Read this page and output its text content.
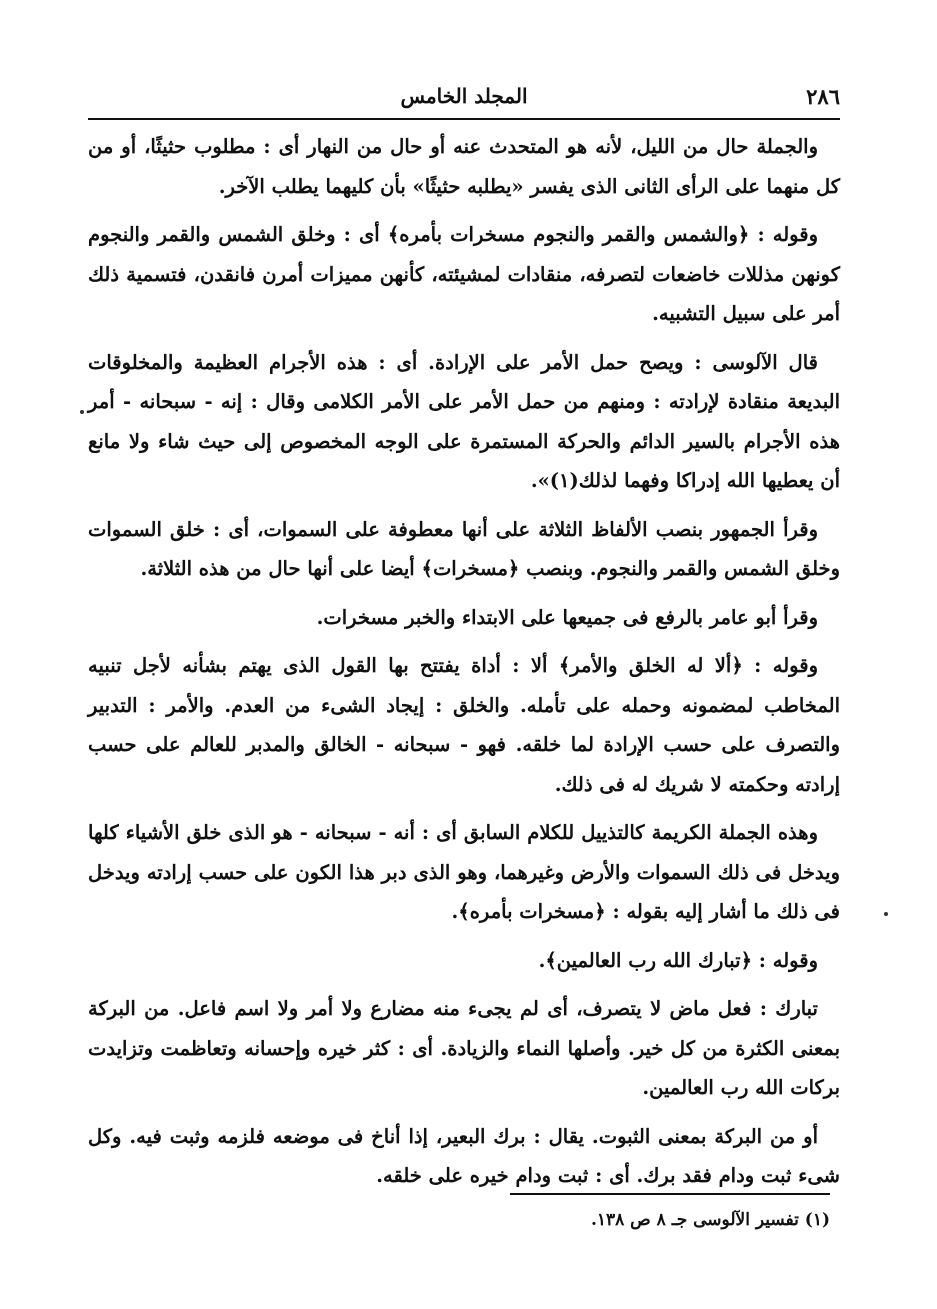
٢٨٦
المجلد الخامس

والجملة حال من الليل، لأنه هو المتحدث عنه أو حال من النهار أى : مطلوب حثيثًا، أو من كل منهما على الرأى الثانى الذى يفسر «يطلبه حثيثًا» بأن كليهما يطلب الآخر.

وقوله : ﴿والشمس والقمر والنجوم مسخرات بأمره﴾ أى : وخلق الشمس والقمر والنجوم كونهن مذللات خاضعات لتصرفه، منقادات لمشيئته، كأنهن مميزات أمرن فانقدن، فتسمية ذلك أمر على سبيل التشبيه.

قال الآلوسى : ويصح حمل الأمر على الإرادة. أى : هذه الأجرام العظيمة والمخلوقات البديعة منقادة لإرادته : ومنهم من حمل الأمر على الأمر الكلامى وقال : إنه - سبحانه - أمر هذه الأجرام بالسير الدائم والحركة المستمرة على الوجه المخصوص إلى حيث شاء ولا مانع أن يعطيها الله إدراكا وفهما لذلك(١)».

وقرأ الجمهور بنصب الألفاظ الثلاثة على أنها معطوفة على السموات، أى : خلق السموات وخلق الشمس والقمر والنجوم. وبنصب ﴿مسخرات﴾ أيضا على أنها حال من هذه الثلاثة.

وقرأ أبو عامر بالرفع فى جميعها على الابتداء والخبر مسخرات.

وقوله : ﴿ألا له الخلق والأمر﴾ ألا : أداة يفتتح بها القول الذى يهتم بشأنه لأجل تنبيه المخاطب لمضمونه وحمله على تأمله. والخلق : إيجاد الشىء من العدم. والأمر : التدبير والتصرف على حسب الإرادة لما خلقه. فهو - سبحانه - الخالق والمدبر للعالم على حسب إرادته وحكمته لا شريك له فى ذلك.

وهذه الجملة الكريمة كالتذييل للكلام السابق أى : أنه - سبحانه - هو الذى خلق الأشياء كلها ويدخل فى ذلك السموات والأرض وغيرهما، وهو الذى دبر هذا الكون على حسب إرادته ويدخل فى ذلك ما أشار إليه بقوله : ﴿مسخرات بأمره﴾.

وقوله : ﴿تبارك الله رب العالمين﴾.

تبارك : فعل ماض لا يتصرف، أى لم يجىء منه مضارع ولا أمر ولا اسم فاعل. من البركة بمعنى الكثرة من كل خير. وأصلها النماء والزيادة. أى : كثر خيره وإحسانه وتعاظمت وتزايدت بركات الله رب العالمين.

أو من البركة بمعنى الثبوت. يقال : برك البعير، إذا أناخ فى موضعه فلزمه وثبت فيه. وكل شىء ثبت ودام فقد برك. أى : ثبت ودام خيره على خلقه.

(١) تفسير الآلوسى جـ ٨ ص ١٣٨.
